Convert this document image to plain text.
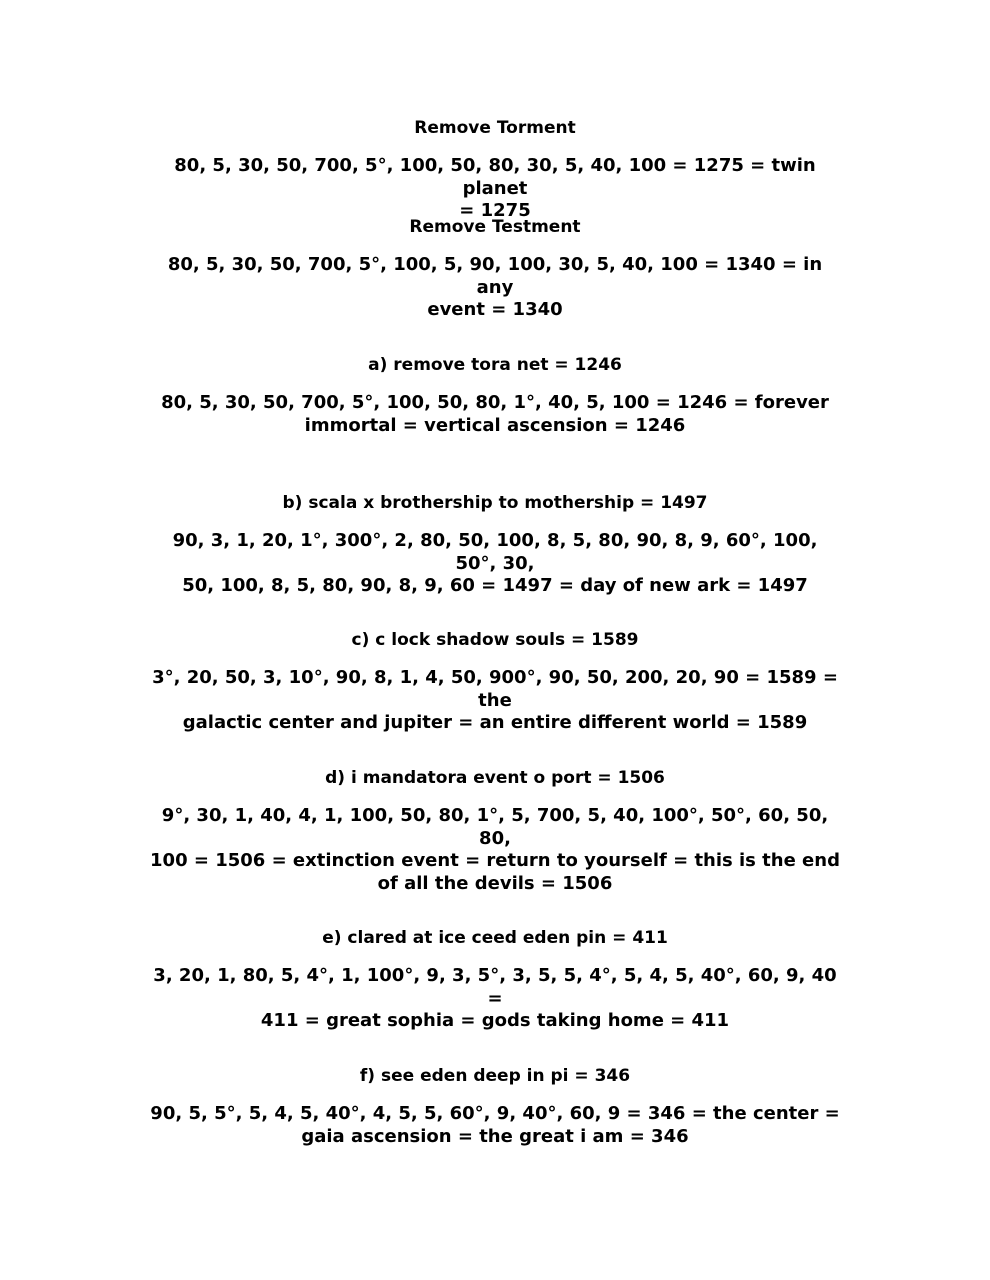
Remove Torment
80, 5, 30, 50, 700, 5°, 100, 50, 80, 30, 5, 40, 100 = 1275 = twin planet
= 1275
Remove Testment
80, 5, 30, 50, 700, 5°, 100, 5, 90, 100, 30, 5, 40, 100 = 1340 = in any
event = 1340
a) remove tora net = 1246
80, 5, 30, 50, 700, 5°, 100, 50, 80, 1°, 40, 5, 100 = 1246 = forever
immortal = vertical ascension = 1246
b) scala x brothership to mothership = 1497
90, 3, 1, 20, 1°, 300°, 2, 80, 50, 100, 8, 5, 80, 90, 8, 9, 60°, 100, 50°, 30,
50, 100, 8, 5, 80, 90, 8, 9, 60 = 1497 = day of new ark = 1497
c) c lock shadow souls = 1589
3°, 20, 50, 3, 10°, 90, 8, 1, 4, 50, 900°, 90, 50, 200, 20, 90 = 1589 = the
galactic center and jupiter = an entire different world = 1589
d) i mandatora event o port = 1506
9°, 30, 1, 40, 4, 1, 100, 50, 80, 1°, 5, 700, 5, 40, 100°, 50°, 60, 50, 80,
100 = 1506 = extinction event = return to yourself = this is the end
of all the devils = 1506
e) clared at ice ceed eden pin = 411
3, 20, 1, 80, 5, 4°, 1, 100°, 9, 3, 5°, 3, 5, 5, 4°, 5, 4, 5, 40°, 60, 9, 40 =
411 = great sophia = gods taking home = 411
f) see eden deep in pi = 346
90, 5, 5°, 5, 4, 5, 40°, 4, 5, 5, 60°, 9, 40°, 60, 9 = 346 = the center =
gaia ascension = the great i am = 346
